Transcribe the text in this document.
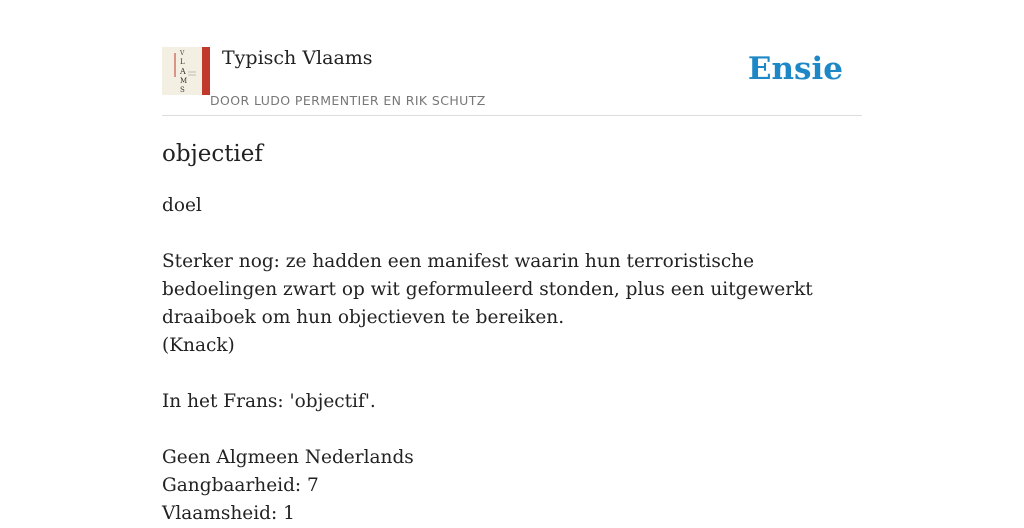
V
L
A
M
S
Typisch Vlaams
DOOR LUDO PERMENTIER EN RIK SCHUTZ
Ensie
objectief
doel
Sterker nog: ze hadden een manifest waarin hun terroristische bedoelingen zwart op wit geformuleerd stonden, plus een uitgewerkt draaiboek om hun objectieven te bereiken.
(Knack)
In het Frans: 'objectif'.
Geen Algmeen Nederlands
Gangbaarheid: 7
Vlaamsheid: 1
